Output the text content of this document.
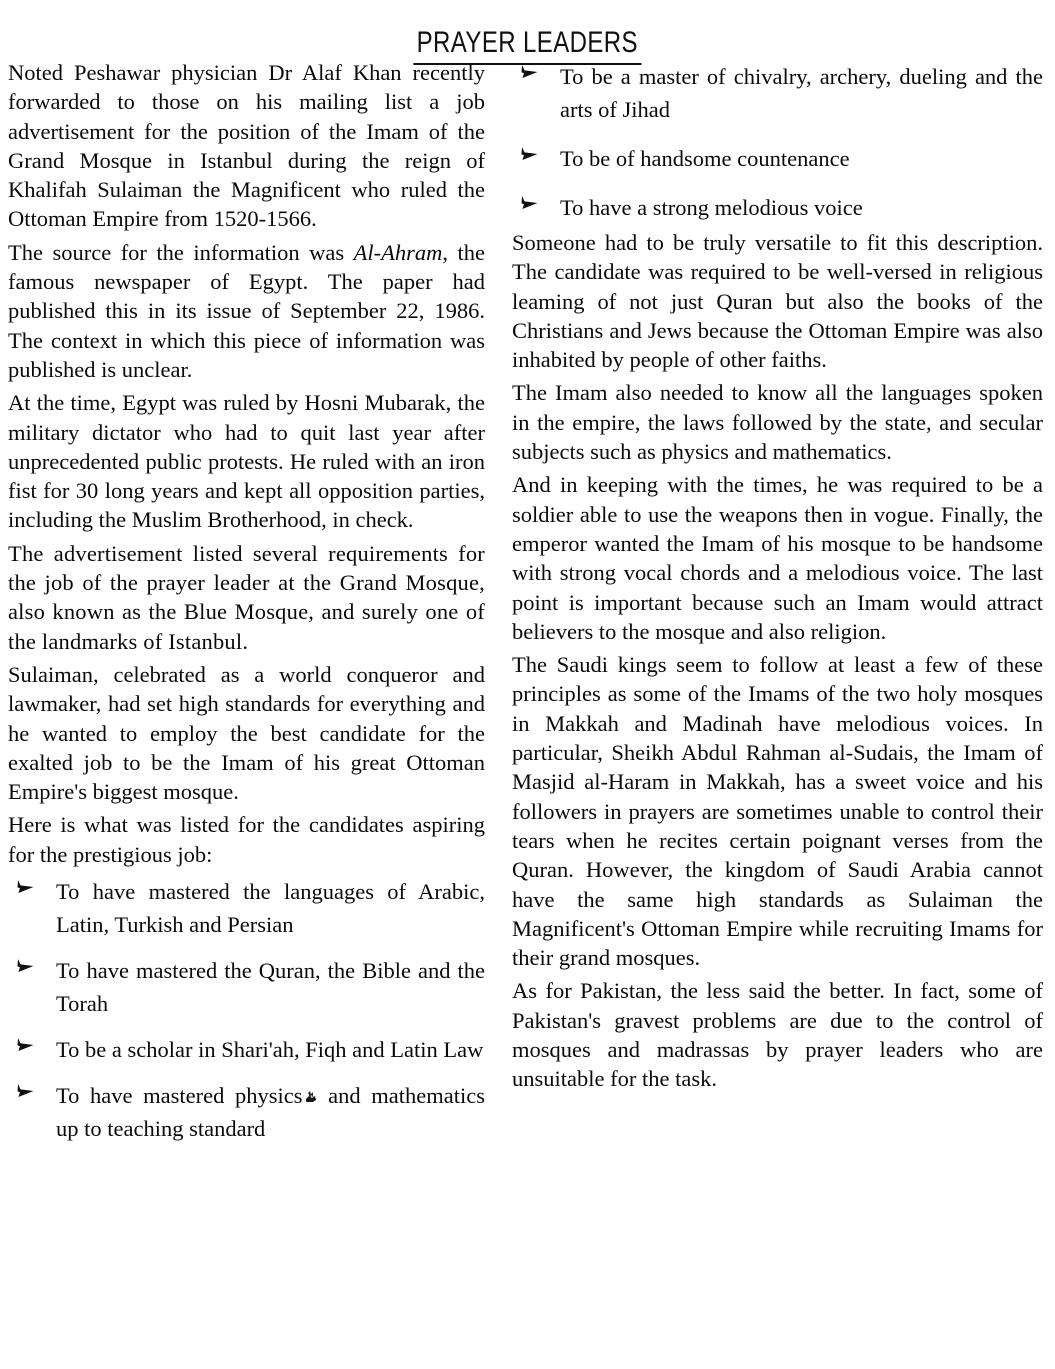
PRAYER LEADERS

Noted Peshawar physician Dr Alaf Khan recently forwarded to those on his mailing list a job advertisement for the position of the Imam of the Grand Mosque in Istanbul during the reign of Khalifah Sulaiman the Magnificent who ruled the Ottoman Empire from 1520-1566.

The source for the information was Al-Ahram, the famous newspaper of Egypt. The paper had published this in its issue of September 22, 1986. The context in which this piece of information was published is unclear.

At the time, Egypt was ruled by Hosni Mubarak, the military dictator who had to quit last year after unprecedented public protests. He ruled with an iron fist for 30 long years and kept all opposition parties, including the Muslim Brotherhood, in check.

The advertisement listed several requirements for the job of the prayer leader at the Grand Mosque, also known as the Blue Mosque, and surely one of the landmarks of Istanbul.

Sulaiman, celebrated as a world conqueror and lawmaker, had set high standards for everything and he wanted to employ the best candidate for the exalted job to be the Imam of his great Ottoman Empire's biggest mosque.

Here is what was listed for the candidates aspiring for the prestigious job:

To have mastered the languages of Arabic, Latin, Turkish and Persian
To have mastered the Quran, the Bible and the Torah
To be a scholar in Shari'ah, Fiqh and Latin Law
To have mastered physics
and mathematics up to teaching standard
To be a master of chivalry, archery, dueling and the arts of Jihad
To be of handsome countenance
To have a strong melodious voice

Someone had to be truly versatile to fit this description. The candidate was required to be well-versed in religious leaming of not just Quran but also the books of the Christians and Jews because the Ottoman Empire was also inhabited by people of other faiths.

The Imam also needed to know all the languages spoken in the empire, the laws followed by the state, and secular subjects such as physics and mathematics.

And in keeping with the times, he was required to be a soldier able to use the weapons then in vogue. Finally, the emperor wanted the Imam of his mosque to be handsome with strong vocal chords and a melodious voice. The last point is important because such an Imam would attract believers to the mosque and also religion.

The Saudi kings seem to follow at least a few of these principles as some of the Imams of the two holy mosques in Makkah and Madinah have melodious voices. In particular, Sheikh Abdul Rahman al-Sudais, the Imam of Masjid al-Haram in Makkah, has a sweet voice and his followers in prayers are sometimes unable to control their tears when he recites certain poignant verses from the Quran. However, the kingdom of Saudi Arabia cannot have the same high standards as Sulaiman the Magnificent's Ottoman Empire while recruiting Imams for their grand mosques.

As for Pakistan, the less said the better. In fact, some of Pakistan's gravest problems are due to the control of mosques and madrassas by prayer leaders who are unsuitable for the task.
